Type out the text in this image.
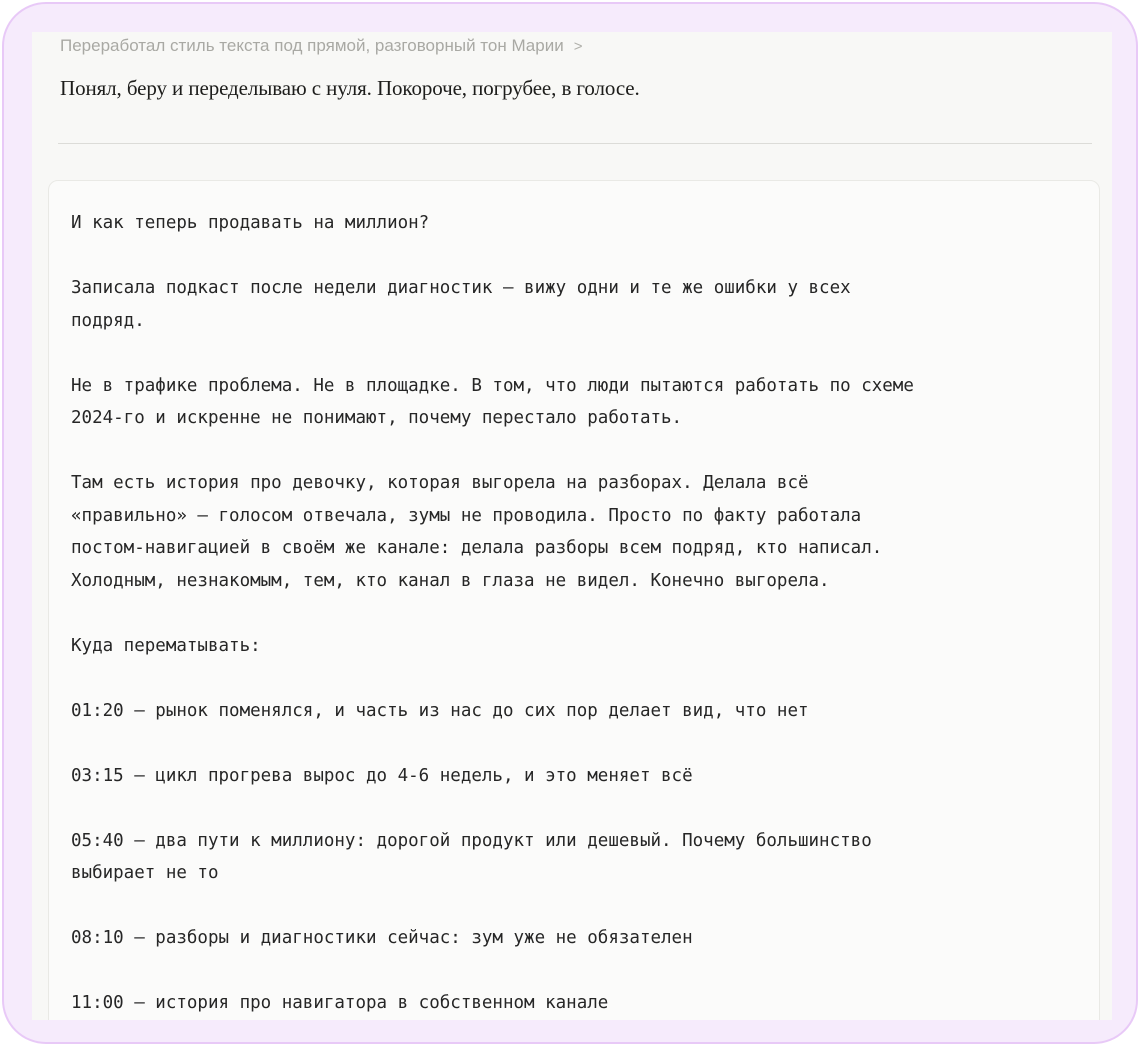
Переработал стиль текста под прямой, разговорный тон Марии >
Понял, беру и переделываю с нуля. Покороче, погрубее, в голосе.
И как теперь продавать на миллион?
Записала подкаст после недели диагностик — вижу одни и те же ошибки у всех
подряд.
Не в трафике проблема. Не в площадке. В том, что люди пытаются работать по схеме
2024-го и искренне не понимают, почему перестало работать.
Там есть история про девочку, которая выгорела на разборах. Делала всё
«правильно» — голосом отвечала, зумы не проводила. Просто по факту работала
постом-навигацией в своём же канале: делала разборы всем подряд, кто написал.
Холодным, незнакомым, тем, кто канал в глаза не видел. Конечно выгорела.
Куда перематывать:
01:20 — рынок поменялся, и часть из нас до сих пор делает вид, что нет
03:15 — цикл прогрева вырос до 4-6 недель, и это меняет всё
05:40 — два пути к миллиону: дорогой продукт или дешевый. Почему большинство
выбирает не то
08:10 — разборы и диагностики сейчас: зум уже не обязателен
11:00 — история про навигатора в собственном канале
